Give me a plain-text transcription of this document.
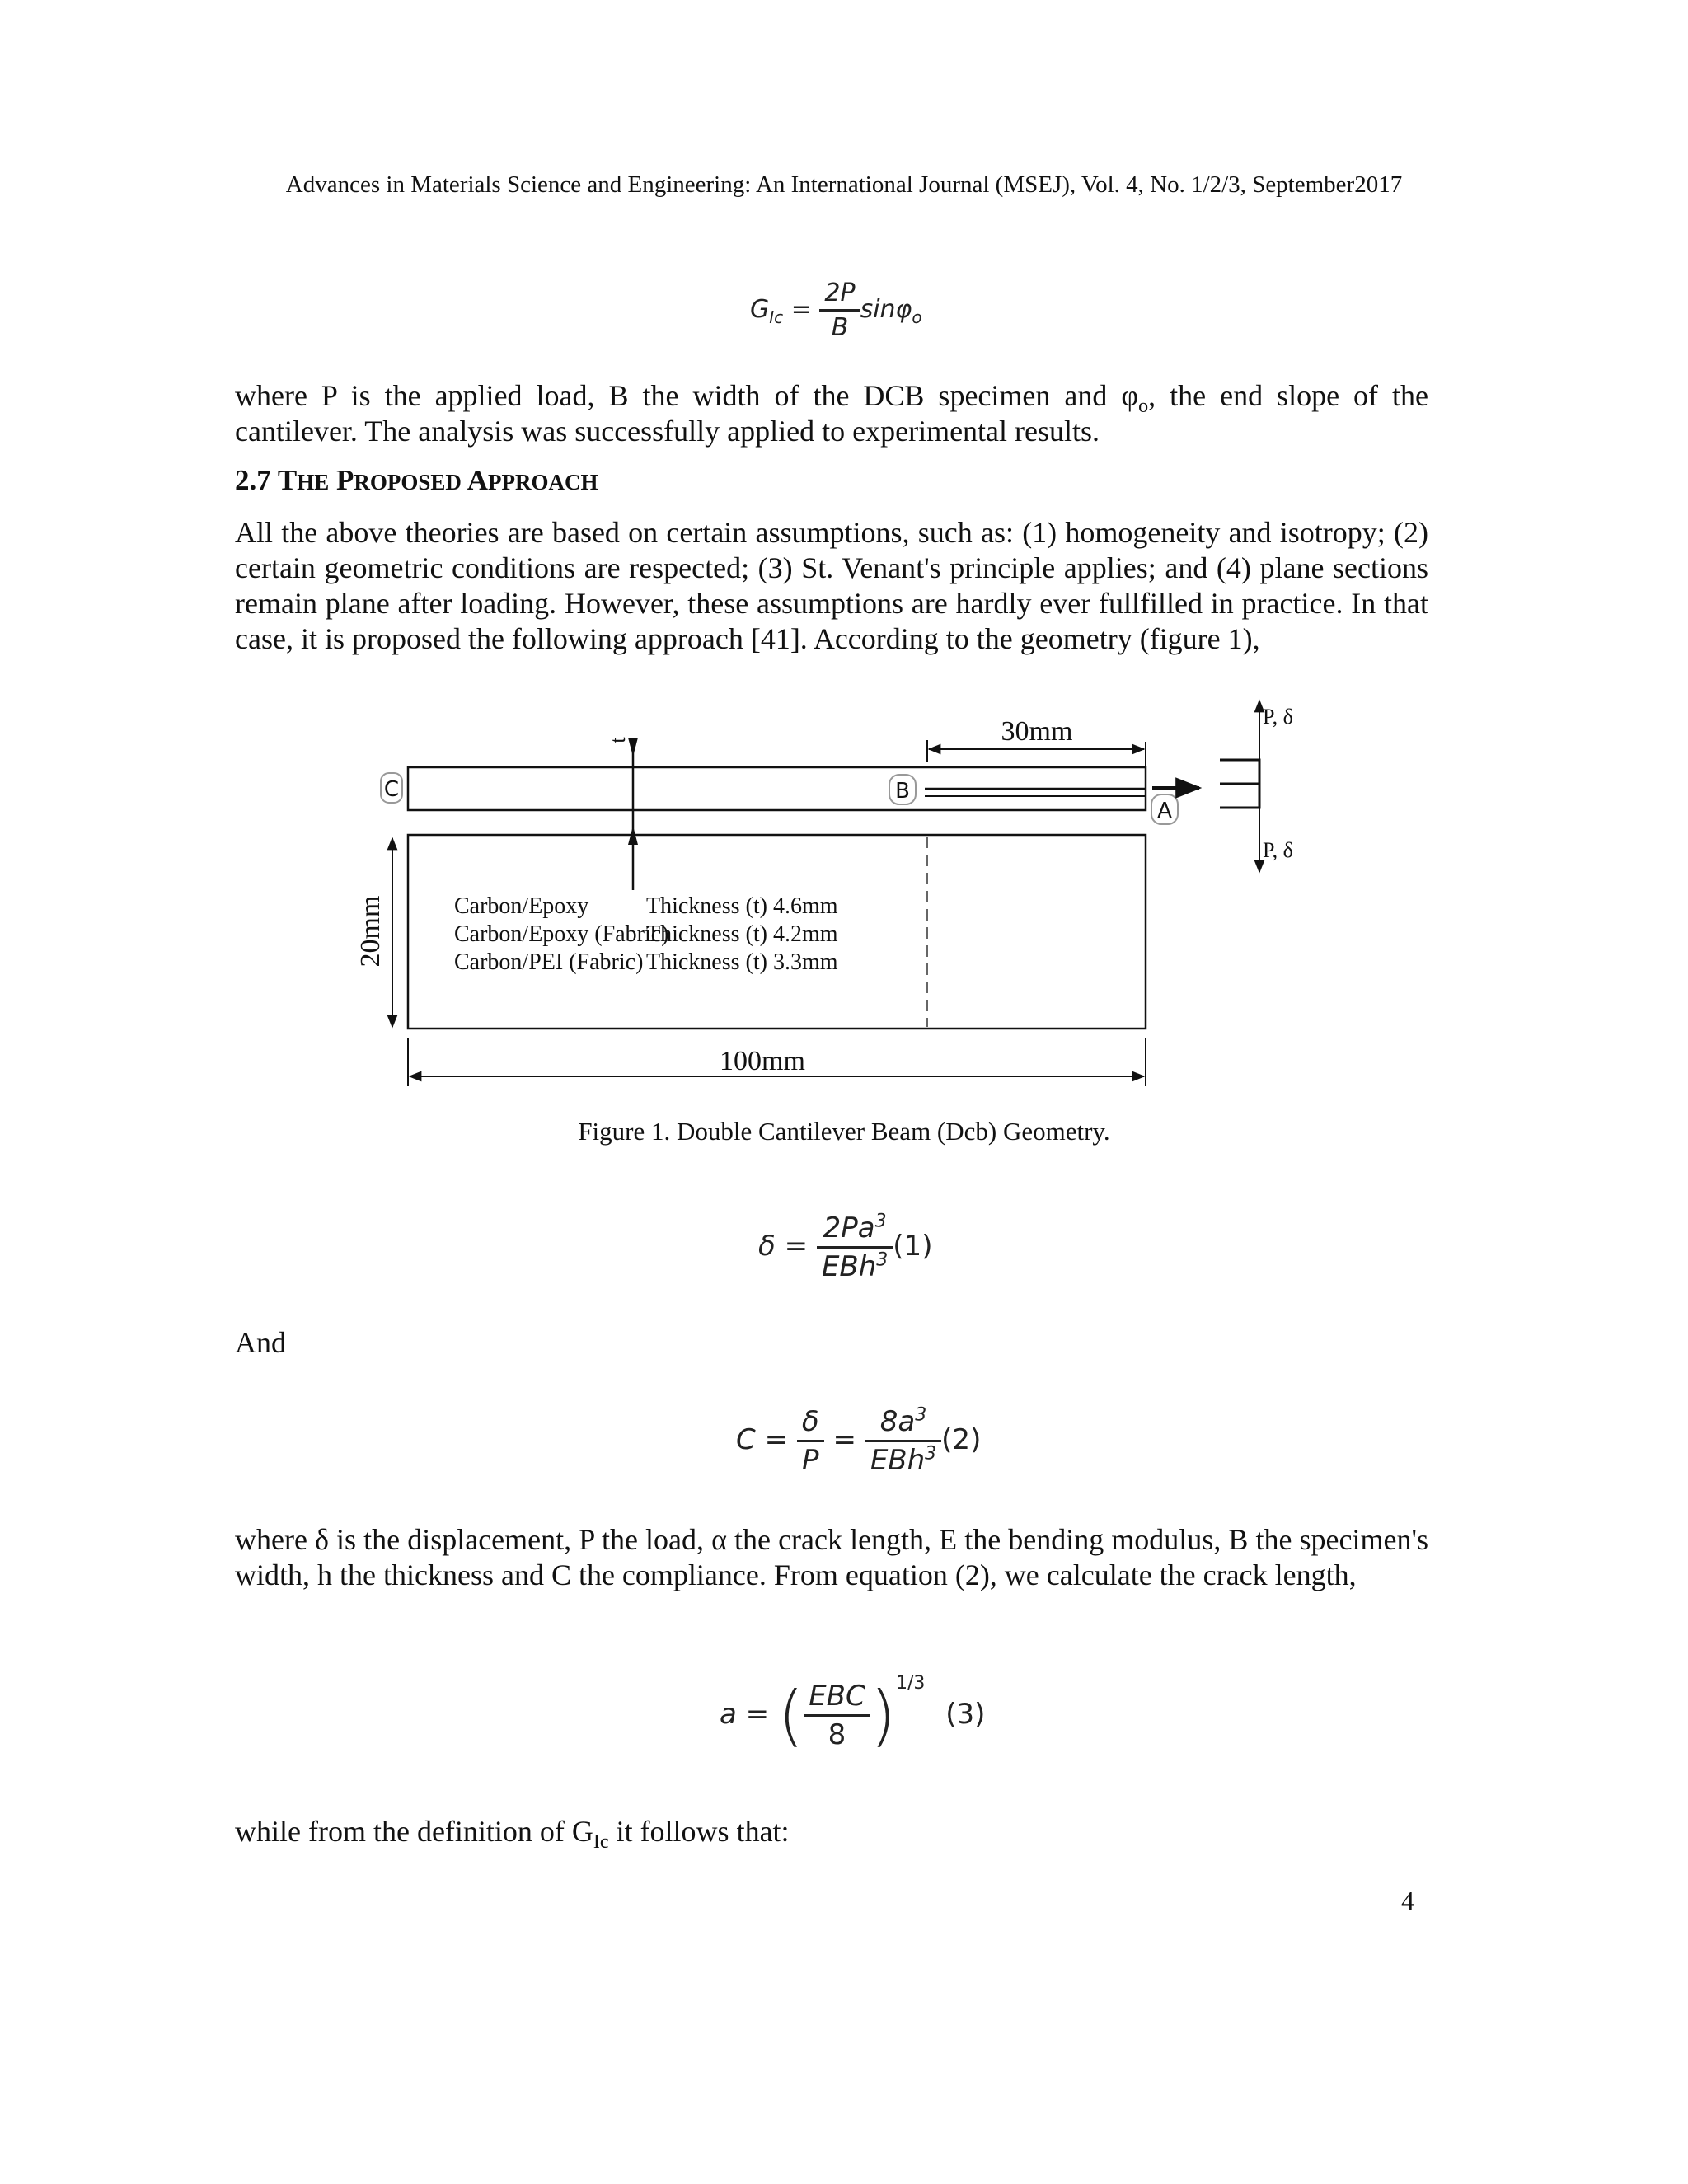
Advances in Materials Science and Engineering: An International Journal (MSEJ), Vol. 4, No. 1/2/3, September2017
$G_{Ic} = \frac{2P}{B} \sin\varphi_o$
where P is the applied load, B the width of the DCB specimen and $\varphi_o$, the end slope of the cantilever. The analysis was successfully applied to experimental results.
2.7 THE PROPOSED APPROACH
All the above theories are based on certain assumptions, such as: (1) homogeneity and isotropy; (2) certain geometric conditions are respected; (3) St. Venant's principle applies; and (4) plane sections remain plane after loading. However, these assumptions are hardly ever fullfilled in practice. In that case, it is proposed the following approach [41]. According to the geometry (figure 1),
30mm
t
C	B
A
P, δ
P, δ
20mm
100mm
Carbon/Epoxy Thickness (t) 4.6mm
Carbon/Epoxy (Fabric)
Thickness (t) 4.2mm
Carbon/PEI (Fabric) Thickness (t) 3.3mm
Figure 1. Double Cantilever Beam (Dcb) Geometry.
$\delta = \frac{2Pa^3}{EBh^3} (1)$
And
$C = \frac{\delta}{P} = \frac{8a^3}{EBh^3} (2)$
where δ is the displacement, P the load, α the crack length, E the bending modulus, B the specimen's width, h the thickness and C the compliance. From equation (2), we calculate the crack length,
a = ( $\frac{\text{EBC}}{8} )^{1/3}$ (3)
while from the definition of $G_{Ic}$ it follows that:
4
